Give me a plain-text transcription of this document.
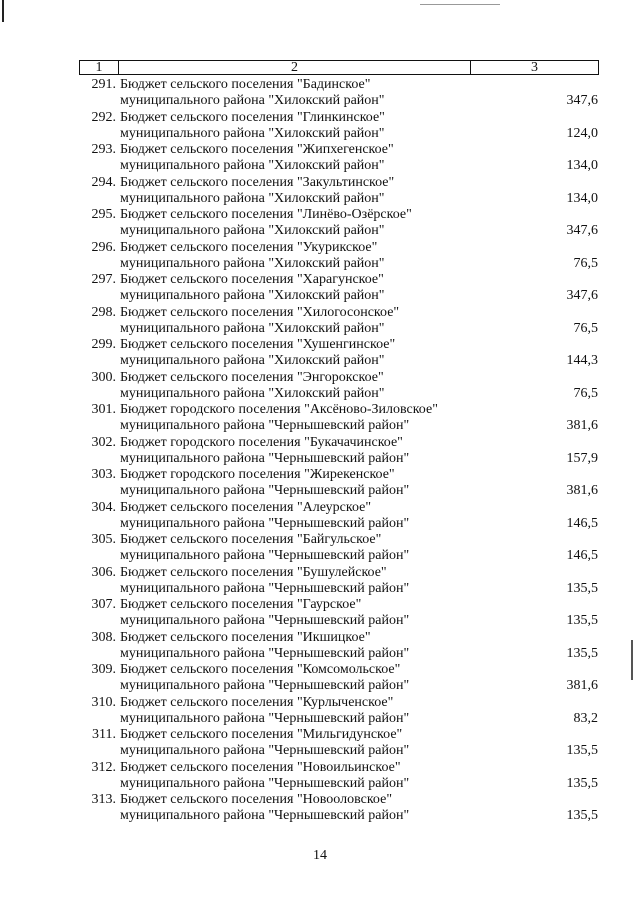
1	2	3
291. Бюджет сельского поселения "Бадинское"
муниципального района "Хилокский район"	347,6
292. Бюджет сельского поселения "Глинкинское"
муниципального района "Хилокский район"	124,0
293. Бюджет сельского поселения "Жипхегенское"
муниципального района "Хилокский район"	134,0
294. Бюджет сельского поселения "Закультинское"
муниципального района "Хилокский район"	134,0
295. Бюджет сельского поселения "Линёво-Озёрское"
муниципального района "Хилокский район"	347,6
296. Бюджет сельского поселения "Укурикское"
муниципального района "Хилокский район"	76,5
297. Бюджет сельского поселения "Харагунское"
муниципального района "Хилокский район"	347,6
298. Бюджет сельского поселения "Хилогосонское"
муниципального района "Хилокский район"	76,5
299. Бюджет сельского поселения "Хушенгинское"
муниципального района "Хилокский район"	144,3
300. Бюджет сельского поселения "Энгорокское"
муниципального района "Хилокский район"	76,5
301. Бюджет городского поселения "Аксёново-Зиловское"
муниципального района "Чернышевский район"	381,6
302. Бюджет городского поселения "Букачачинское"
муниципального района "Чернышевский район"	157,9
303. Бюджет городского поселения "Жирекенское"
муниципального района "Чернышевский район"	381,6
304. Бюджет сельского поселения "Алеурское"
муниципального района "Чернышевский район"	146,5
305. Бюджет сельского поселения "Байгульское"
муниципального района "Чернышевский район"	146,5
306. Бюджет сельского поселения "Бушулейское"
муниципального района "Чернышевский район"	135,5
307. Бюджет сельского поселения "Гаурское"
муниципального района "Чернышевский район"	135,5
308. Бюджет сельского поселения "Икшицкое"
муниципального района "Чернышевский район"	135,5
309. Бюджет сельского поселения "Комсомольское"
муниципального района "Чернышевский район"	381,6
310. Бюджет сельского поселения "Курлыченское"
муниципального района "Чернышевский район"	83,2
311. Бюджет сельского поселения "Мильгидунское"
муниципального района "Чернышевский район"	135,5
312. Бюджет сельского поселения "Новоильинское"
муниципального района "Чернышевский район"	135,5
313. Бюджет сельского поселения "Новооловское"
муниципального района "Чернышевский район"	135,5
14
